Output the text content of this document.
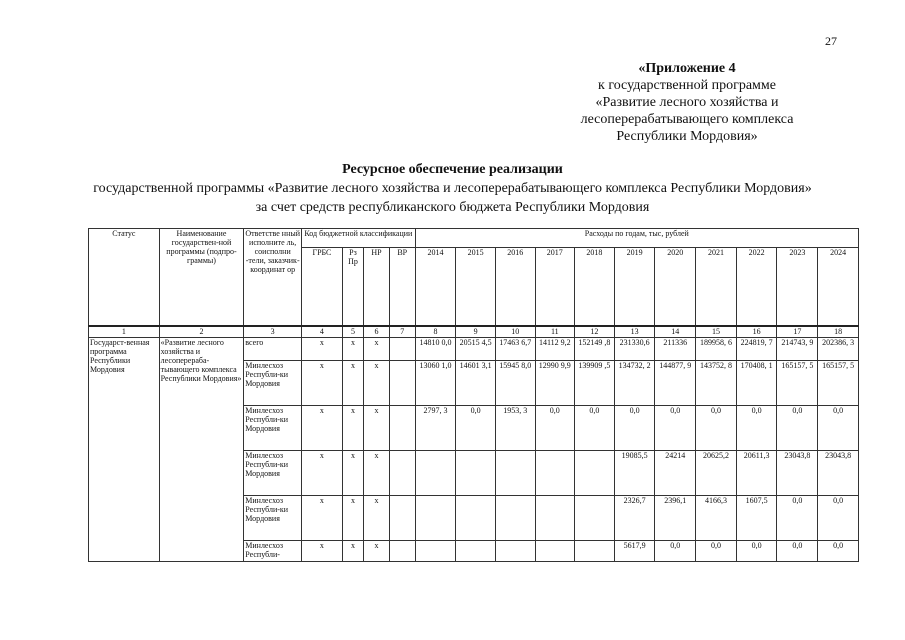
27
«Приложение 4
к государственной программе
«Развитие лесного хозяйства и
лесоперерабатывающего комплекса
Республики Мордовия»
Ресурсное обеспечение реализации
государственной программы «Развитие лесного хозяйства и лесоперерабатывающего комплекса Республики Мордовия»
за счет средств республиканского бюджета Республики Мордовия
Статус	Наименование государствен-ной программы (подпро-граммы)	Ответстве нный исполните ль, соисполни -тели, заказчик-координат ор	Код бюджетной классификации				Расходы по годам, тыс, рублей										
			ГРБС	Рз Пр	НР	ВР	2014	2015	2016	2017	2018	2019	2020	2021	2022	2023	2024
1	2	3	4	5	6	7	8	9	10	11	12	13	14	15	16	17	18
Государст-венная программа Республики Мордовия	«Развитие лесного хозяйства и лесоперераба-тывающего комплекса Республики Мордовия»	всего	х	х	х		14810 0,0	20515 4,5	17463 6,7	14112 9,2	152149 ,8	231330,6	211336	189958, 6	224819, 7	214743, 9	202386, 3
		Минлесхоз Республи-ки Мордовия	х	х	х		13060 1,0	14601 3,1	15945 8,0	12990 9,9	139909 ,5	134732, 2	144877, 9	143752, 8	170408, 1	165157, 5	165157, 5
		Минлесхоз Республи-ки Мордовия	х	х	х		2797, 3	0,0	1953, 3	0,0	0,0	0,0	0,0	0,0	0,0	0,0	0,0
		Минлесхоз Республи-ки Мордовия	х	х	х							19085,5	24214	20625,2	20611,3	23043,8	23043,8
		Минлесхоз Республи-ки Мордовия	х	х	х							2326,7	2396,1	4166,3	1607,5	0,0	0,0
		Минлесхоз Республи-	х	х	х							5617,9	0,0	0,0	0,0	0,0	0,0
